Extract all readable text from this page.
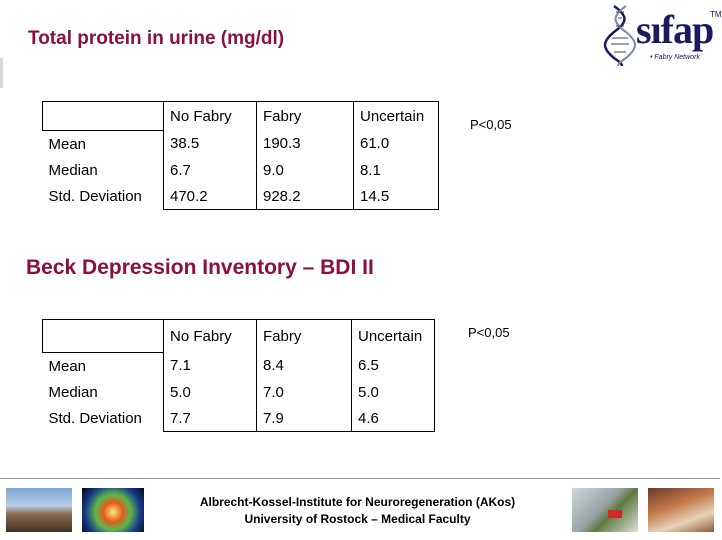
Total protein in urine (mg/dl)	sıfap
TM
• Fabry Network
	No Fabry	Fabry	Uncertain
Mean	38.5	190.3	61.0
Median	6.7	9.0	8.1
Std. Deviation	470.2	928.2	14.5
P<0,05
Beck Depression Inventory – BDI II
	No Fabry	Fabry	Uncertain
Mean	7.1	8.4	6.5
Median	5.0	7.0	5.0
Std. Deviation	7.7	7.9	4.6
P<0,05
Albrecht-Kossel-Institute for Neuroregeneration (AKos)
University of Rostock – Medical Faculty
